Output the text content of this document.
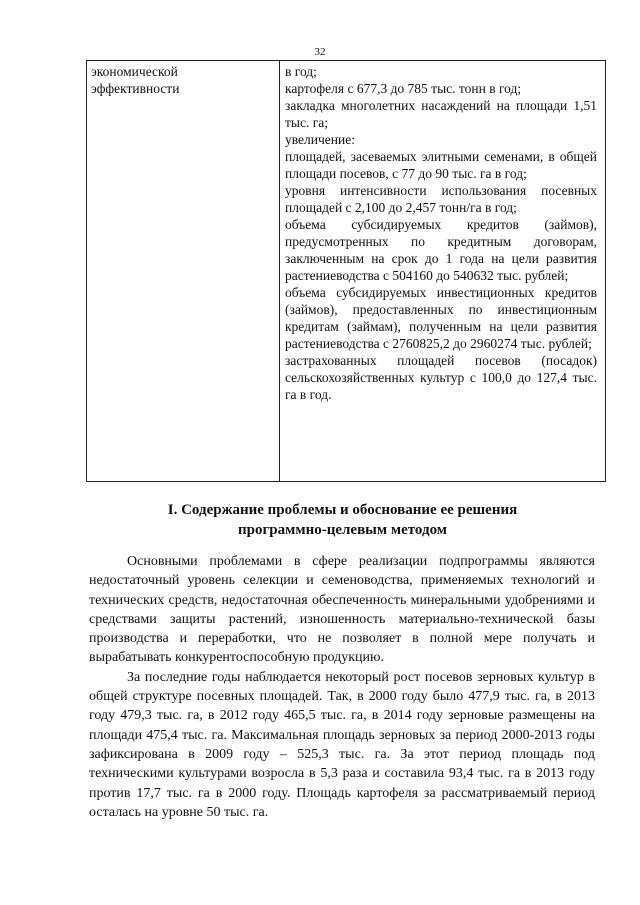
32
экономической
эффективности

в год;

картофеля с 677,3 до 785 тыс. тонн в год;

закладка многолетних насаждений на площади 1,51 тыс. га;

увеличение:

площадей, засеваемых элитными семенами, в общей площади посевов, с 77 до 90 тыс. га в год;

уровня интенсивности использования посевных площадей с 2,100 до 2,457 тонн/га в год;

объема субсидируемых кредитов (займов), предусмотренных по кредитным договорам, заключенным на срок до 1 года на цели развития растениеводства с 504160 до 540632 тыс. рублей;

объема субсидируемых инвестиционных кредитов (займов), предоставленных по инвестиционным кредитам (займам), полученным на цели развития растениеводства с 2760825,2 до 2960274 тыс. рублей;

застрахованных площадей посевов (посадок) сельскохозяйственных культур с 100,0 до 127,4 тыс. га в год.

I. Содержание проблемы и обоснование ее решения
программно-целевым методом

Основными проблемами в сфере реализации подпрограммы являются недостаточный уровень селекции и семеноводства, применяемых технологий и технических средств, недостаточная обеспеченность минеральными удобрениями и средствами защиты растений, изношенность материально-технической базы производства и переработки, что не позволяет в полной мере получать и вырабатывать конкурентоспособную продукцию.

За последние годы наблюдается некоторый рост посевов зерновых культур в общей структуре посевных площадей. Так, в 2000 году было 477,9 тыс. га, в 2013 году 479,3 тыс. га, в 2012 году 465,5 тыс. га, в 2014 году зерновые размещены на площади 475,4 тыс. га. Максимальная площадь зерновых за период 2000-2013 годы зафиксирована в 2009 году – 525,3 тыс. га. За этот период площадь под техническими культурами возросла в 5,3 раза и составила 93,4 тыс. га в 2013 году против 17,7 тыс. га в 2000 году. Площадь картофеля за рассматриваемый период осталась на уровне 50 тыс. га.
